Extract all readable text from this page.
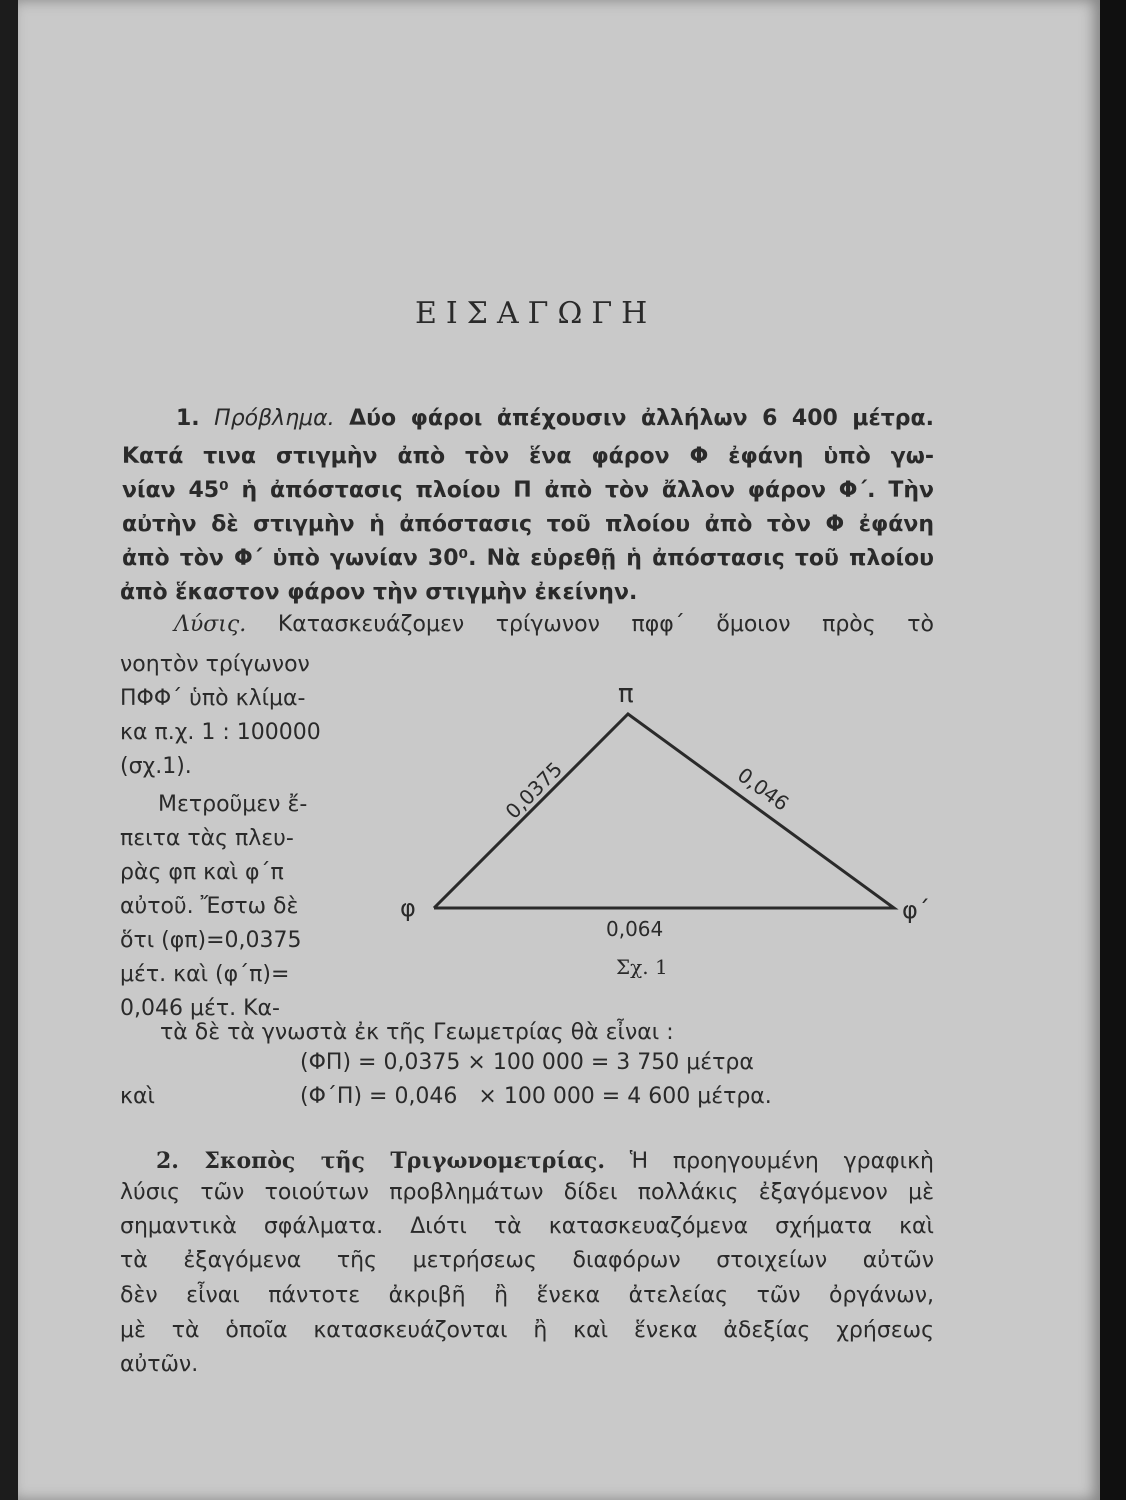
ΕΙΣΑΓΩΓΗ
1. Πρόβλημα. Δύο φάροι ἀπέχουσιν ἀλλήλων 6 400 μέτρα.
Κατά τινα στιγμὴν ἀπὸ τὸν ἕνα φάρον Φ ἐφάνη ὑπὸ γω-
νίαν 45⁰ ἡ ἀπόστασις πλοίου Π ἀπὸ τὸν ἄλλον φάρον Φ΄. Τὴν
αὐτὴν δὲ στιγμὴν ἡ ἀπόστασις τοῦ πλοίου ἀπὸ τὸν Φ ἐφάνη
ἀπὸ τὸν Φ΄ ὑπὸ γωνίαν 30⁰. Νὰ εὑρεθῇ ἡ ἀπόστασις τοῦ πλοίου
ἀπὸ ἕκαστον φάρον τὴν στιγμὴν ἐκείνην.
Λύσις. Κατασκευάζομεν τρίγωνον πφφ΄ ὅμοιον πρὸς τὸ
νοητὸν τρίγωνον
ΠΦΦ΄ ὑπὸ κλίμα-
κα π.χ. 1 : 100000
(σχ.1).
Μετροῦμεν ἔ-
πειτα τὰς πλευ-
ρὰς φπ καὶ φ΄π
αὐτοῦ. Ἔστω δὲ
ὅτι (φπ)=0,0375
μέτ. καὶ (φ΄π)=
0,046 μέτ. Κα-
π
φ	φ΄
0,0375	0,046
0,064
Σχ. 1
τὰ δὲ τὰ γνωστὰ ἐκ τῆς Γεωμετρίας θὰ εἶναι :
(ΦΠ) = 0,0375 × 100 000 = 3 750 μέτρα
καὶ	(Φ΄Π) = 0,046   × 100 000 = 4 600 μέτρα.
2. Σκοπὸς τῆς Τριγωνομετρίας. Ἡ προηγουμένη γραφικὴ
λύσις τῶν τοιούτων προβλημάτων δίδει πολλάκις ἐξαγόμενον μὲ
σημαντικὰ σφάλματα. Διότι τὰ κατασκευαζόμενα σχήματα καὶ
τὰ ἐξαγόμενα τῆς μετρήσεως διαφόρων στοιχείων αὐτῶν
δὲν εἶναι πάντοτε ἀκριβῆ ἢ ἕνεκα ἀτελείας τῶν ὀργάνων,
μὲ τὰ ὁποῖα κατασκευάζονται ἢ καὶ ἕνεκα ἀδεξίας χρήσεως
αὐτῶν.
